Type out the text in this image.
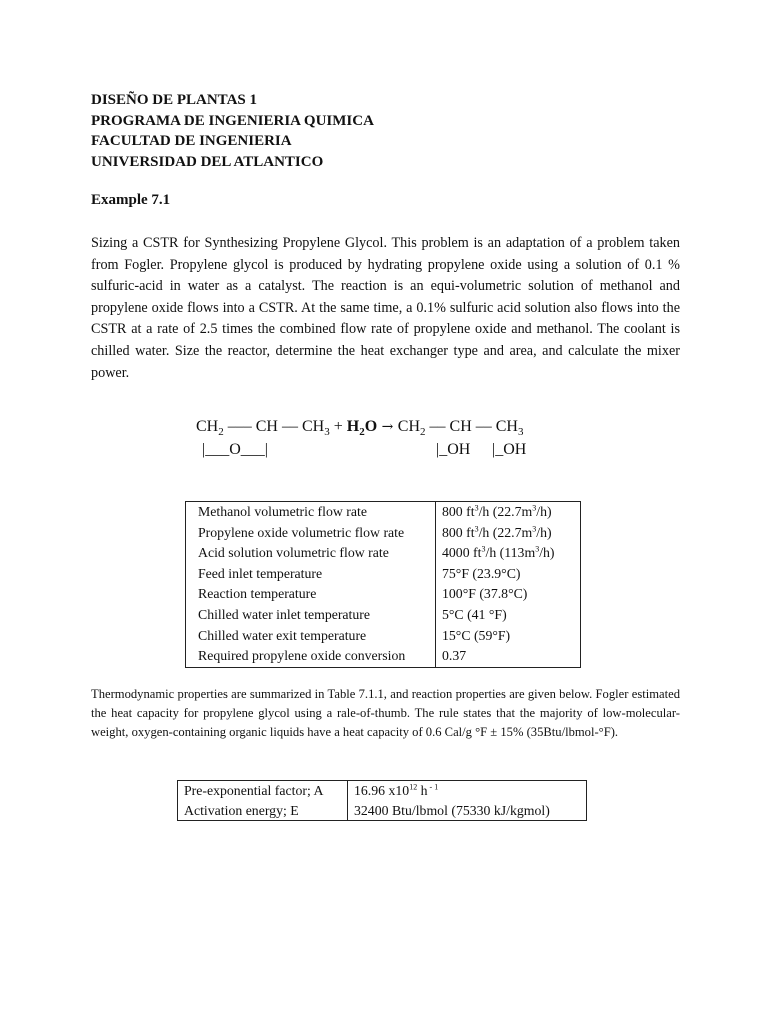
DISEÑO DE PLANTAS 1
PROGRAMA DE INGENIERIA QUIMICA
FACULTAD DE INGENIERIA
UNIVERSIDAD DEL ATLANTICO
Example 7.1

Sizing a CSTR for Synthesizing Propylene Glycol. This problem is an adaptation of a problem taken from Fogler. Propylene glycol is produced by hydrating propylene oxide using a solution of 0.1 % sulfuric-acid in water as a catalyst. The reaction is an equi-volumetric solution of methanol and propylene oxide flows into a CSTR. At the same time, a 0.1% sulfuric acid solution also flows into the CSTR at a rate of 2.5 times the combined flow rate of propylene oxide and methanol. The coolant is chilled water. Size the reactor, determine the heat exchanger type and area, and calculate the mixer power.

$CH_2$ ––– CH –– $CH_3 + H_2O \to CH_2$ –– CH –– $CH_3$
|___O___|	|_OH |_OH
Methanol volumetric flow rate	800 $ft^3/h$ $(22.7m^3/h)$
Propylene oxide volumetric flow rate	800 $ft^3/h$ $(22.7m^3/h)$
Acid solution volumetric flow rate	4000 $ft^3/h$ $(113m^3/h)$
Feed inlet temperature	75°F (23.9°C)
Reaction temperature	100°F (37.8°C)
Chilled water inlet temperature	5°C (41 °F)
Chilled water exit temperature	15°C (59°F)
Required propylene oxide conversion	0.37

Thermodynamic properties are summarized in Table 7.1.1, and reaction properties are given below. Fogler estimated the heat capacity for propylene glycol using a rale-of-thumb. The rule states that the majority of low-molecular-weight, oxygen-containing organic liquids have a heat capacity of 0.6 Cal/g °F ± 15% (35Btu/lbmol-°F).

Pre-exponential factor; A	16.96 $x10^{12}$ h $^{- 1}$
Activation energy; E	32400 Btu/lbmol (75330 kJ/kgmol)
